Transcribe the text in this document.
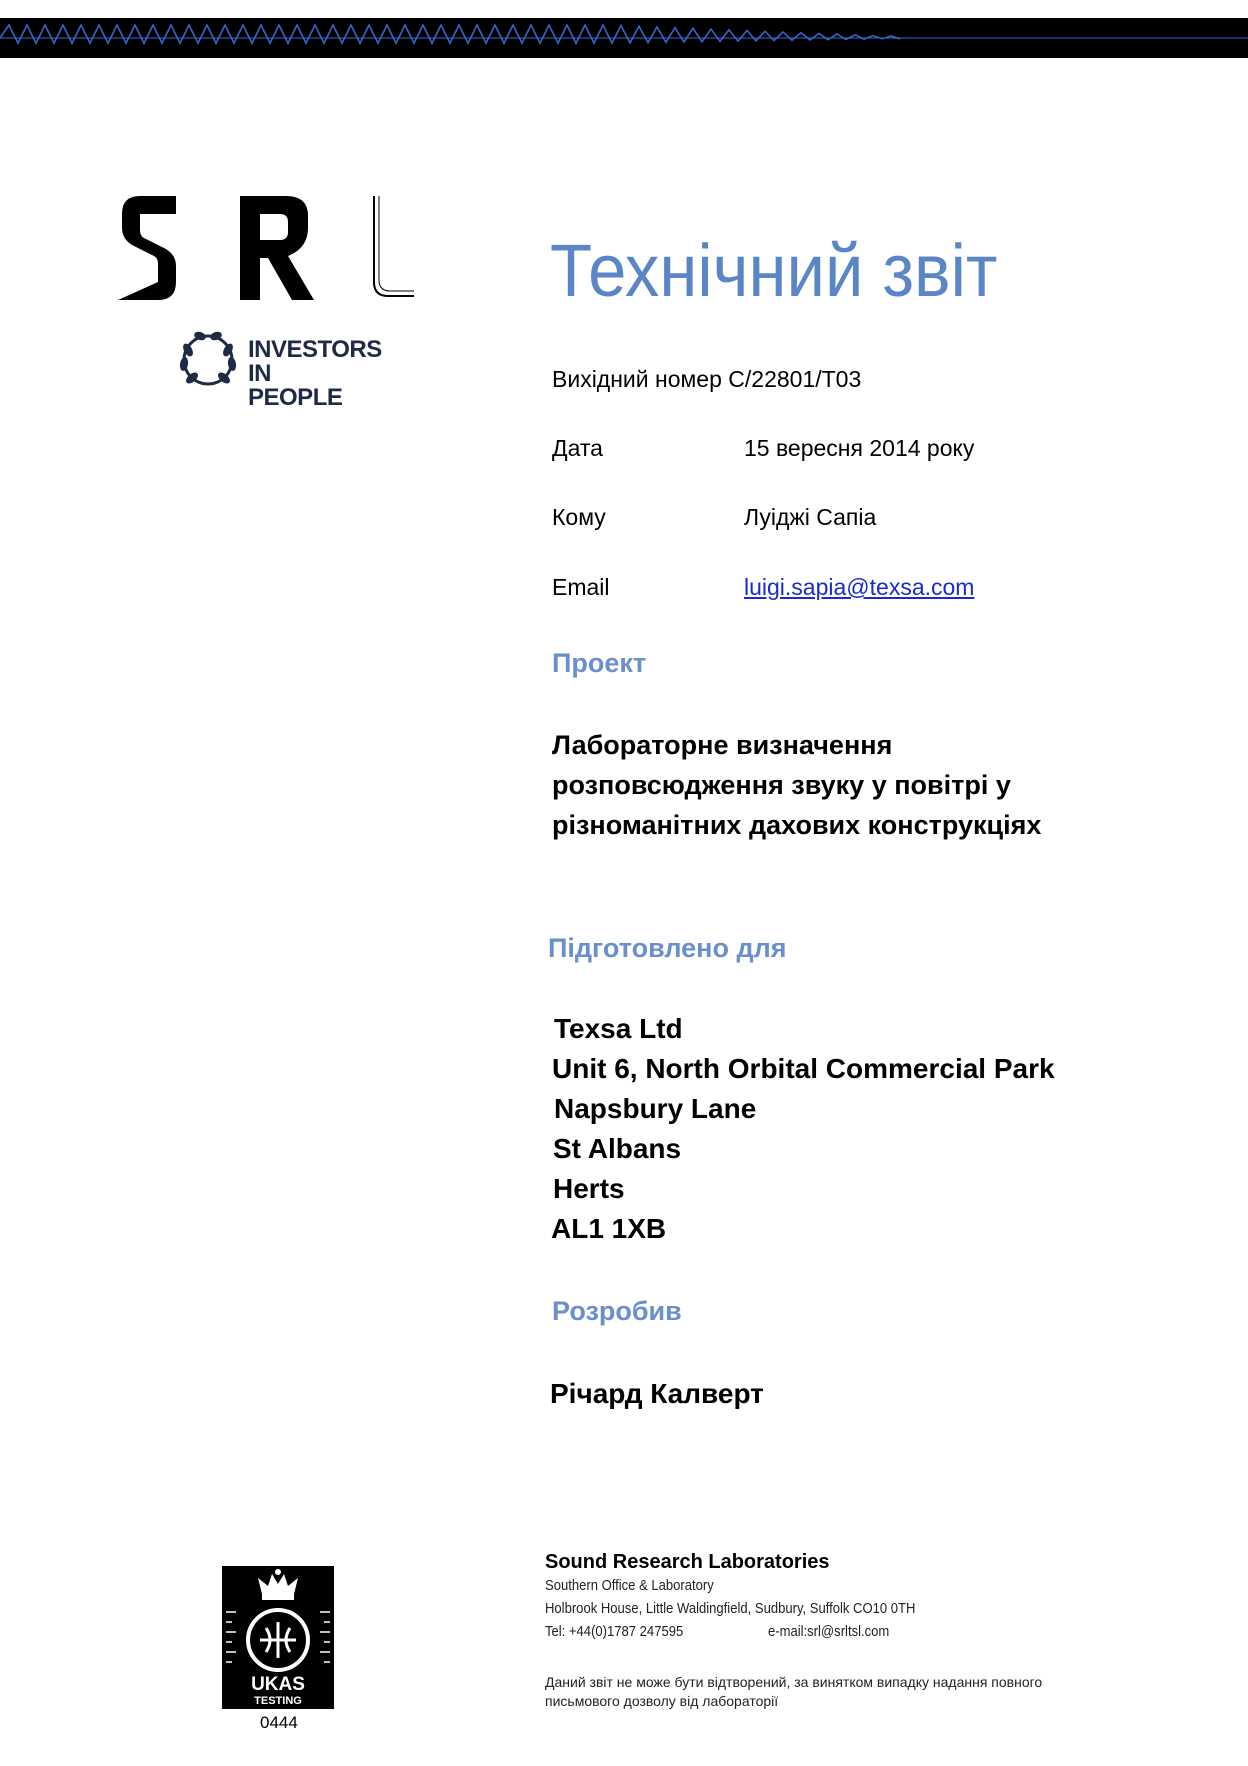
INVESTORS
IN PEOPLE
Технічний звіт
Вихідний номер C/22801/T03
Дата	15 вересня 2014 року
Кому	Луіджі Сапіа
Email	luigi.sapia@texsa.com
Проект
Лабораторне визначення розповсюдження звуку у повітрі у різноманітних дахових конструкціях
Підготовлено для
Texsa Ltd
Unit 6, North Orbital Commercial Park
Napsbury Lane
St Albans
Herts
AL1 1XB
Розробив
Річард Калверт
UKAS
TESTING
0444
Sound Research Laboratories
Southern Office & Laboratory
Holbrook House, Little Waldingfield, Sudbury, Suffolk CO10 0TH
Tel: +44(0)1787 247595	e-mail:srl@srltsl.com
Даний звіт не може бути відтворений, за винятком випадку надання повного письмового дозволу від лабораторії
